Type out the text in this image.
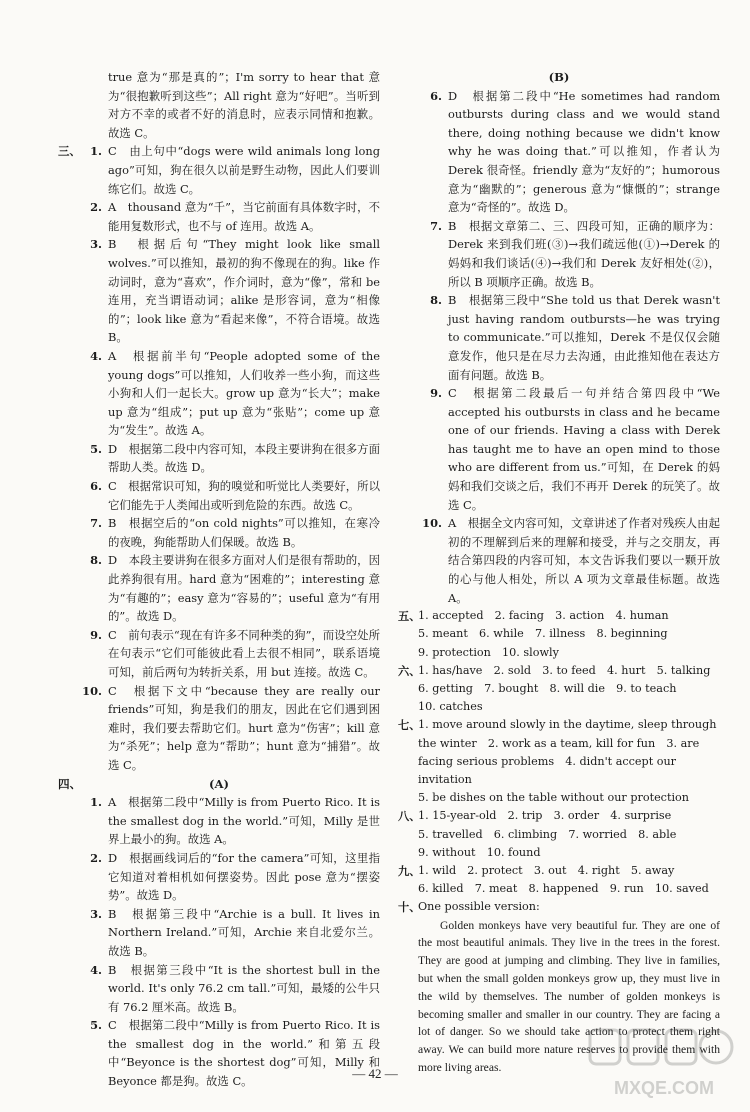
true 意为“那是真的”；I'm sorry to hear that 意为“很抱歉听到这些”；All right 意为“好吧”。当听到对方不幸的或者不好的消息时，应表示同情和抱歉。故选 C。

三、 1. C　由上句中“dogs were wild animals long long ago”可知，狗在很久以前是野生动物，因此人们要训练它们。故选 C。

2. A　thousand 意为“千”，当它前面有具体数字时，不能用复数形式，也不与 of 连用。故选 A。

3. B　根据后句“They might look like small wolves.”可以推知，最初的狗不像现在的狗。like 作动词时，意为“喜欢”，作介词时，意为“像”，常和 be 连用，充当谓语动词；alike 是形容词，意为“相像的”；look like 意为“看起来像”，不符合语境。故选 B。

4. A　根据前半句“People adopted some of the young dogs”可以推知，人们收养一些小狗，而这些小狗和人们一起长大。grow up 意为“长大”；make up 意为“组成”；put up 意为“张贴”；come up 意为“发生”。故选 A。

5. D　根据第二段中内容可知，本段主要讲狗在很多方面帮助人类。故选 D。

6. C　根据常识可知，狗的嗅觉和听觉比人类要好，所以它们能先于人类闻出或听到危险的东西。故选 C。

7. B　根据空后的“on cold nights”可以推知，在寒冷的夜晚，狗能帮助人们保暖。故选 B。

8. D　本段主要讲狗在很多方面对人们是很有帮助的，因此养狗很有用。hard 意为“困难的”；interesting 意为“有趣的”；easy 意为“容易的”；useful 意为“有用的”。故选 D。

9. C　前句表示“现在有许多不同种类的狗”，而设空处所在句表示“它们可能彼此看上去很不相同”，联系语境可知，前后两句为转折关系，用 but 连接。故选 C。

10. C　根据下文中“because they are really our friends”可知，狗是我们的朋友，因此在它们遇到困难时，我们要去帮助它们。hurt 意为“伤害”；kill 意为“杀死”；help 意为“帮助”；hunt 意为“捕猎”。故选 C。

四、	(A)

1. A　根据第二段中“Milly is from Puerto Rico. It is the smallest dog in the world.”可知，Milly 是世界上最小的狗。故选 A。

2. D　根据画线词后的“for the camera”可知，这里指它知道对着相机如何摆姿势。因此 pose 意为“摆姿势”。故选 D。

3. B　根据第三段中“Archie is a bull. It lives in Northern Ireland.”可知，Archie 来自北爱尔兰。故选 B。

4. B　根据第三段中“It is the shortest bull in the world. It's only 76.2 cm tall.”可知，最矮的公牛只有 76.2 厘米高。故选 B。

5. C　根据第二段中“Milly is from Puerto Rico. It is the smallest dog in the world.”和第五段中“Beyonce is the shortest dog”可知，Milly 和 Beyonce 都是狗。故选 C。

(B)

6. D　根据第二段中“He sometimes had random outbursts during class and we would stand there, doing nothing because we didn't know why he was doing that.”可以推知，作者认为 Derek 很奇怪。friendly 意为“友好的”；humorous 意为“幽默的”；generous 意为“慷慨的”；strange 意为“奇怪的”。故选 D。

7. B　根据文章第二、三、四段可知，正确的顺序为：Derek 来到我们班(③)→我们疏远他(①)→Derek 的妈妈和我们谈话(④)→我们和 Derek 友好相处(②)，所以 B 项顺序正确。故选 B。

8. B　根据第三段中“She told us that Derek wasn't just having random outbursts—he was trying to communicate.”可以推知，Derek 不是仅仅会随意发作，他只是在尽力去沟通，由此推知他在表达方面有问题。故选 B。

9. C　根据第二段最后一句并结合第四段中“We accepted his outbursts in class and he became one of our friends. Having a class with Derek has taught me to have an open mind to those who are different from us.”可知，在 Derek 的妈妈和我们交谈之后，我们不再开 Derek 的玩笑了。故选 C。

10. A　根据全文内容可知，文章讲述了作者对残疾人由起初的不理解到后来的理解和接受，并与之交朋友，再结合第四段的内容可知，本文告诉我们要以一颗开放的心与他人相处，所以 A 项为文章最佳标题。故选 A。

五、
1. accepted　2. facing　3. action　4. human

5. meant　6. while　7. illness　8. beginning

9. protection　10. slowly

六、
1. has/have　2. sold　3. to feed　4. hurt　5. talking

6. getting　7. bought　8. will die　9. to teach

10. catches

七、
1. move around slowly in the daytime, sleep through

the winter　2. work as a team, kill for fun　3. are

facing serious problems　4. didn't accept our invitation

5. be dishes on the table without our protection

八、
1. 15-year-old　2. trip　3. order　4. surprise

5. travelled　6. climbing　7. worried　8. able

9. without　10. found

九、
1. wild　2. protect　3. out　4. right　5. away

6. killed　7. meat　8. happened　9. run　10. saved

十、
One possible version:

Golden monkeys have very beautiful fur. They are one of the most beautiful animals. They live in the trees in the forest. They are good at jumping and climbing. They live in families, but when the small golden monkeys grow up, they must live in the wild by themselves. The number of golden monkeys is becoming smaller and smaller in our country. They are facing a lot of danger. So we should take action to protect them right away. We can build more nature reserves to provide them with more living areas.

— 42 —
MXQE.COM
